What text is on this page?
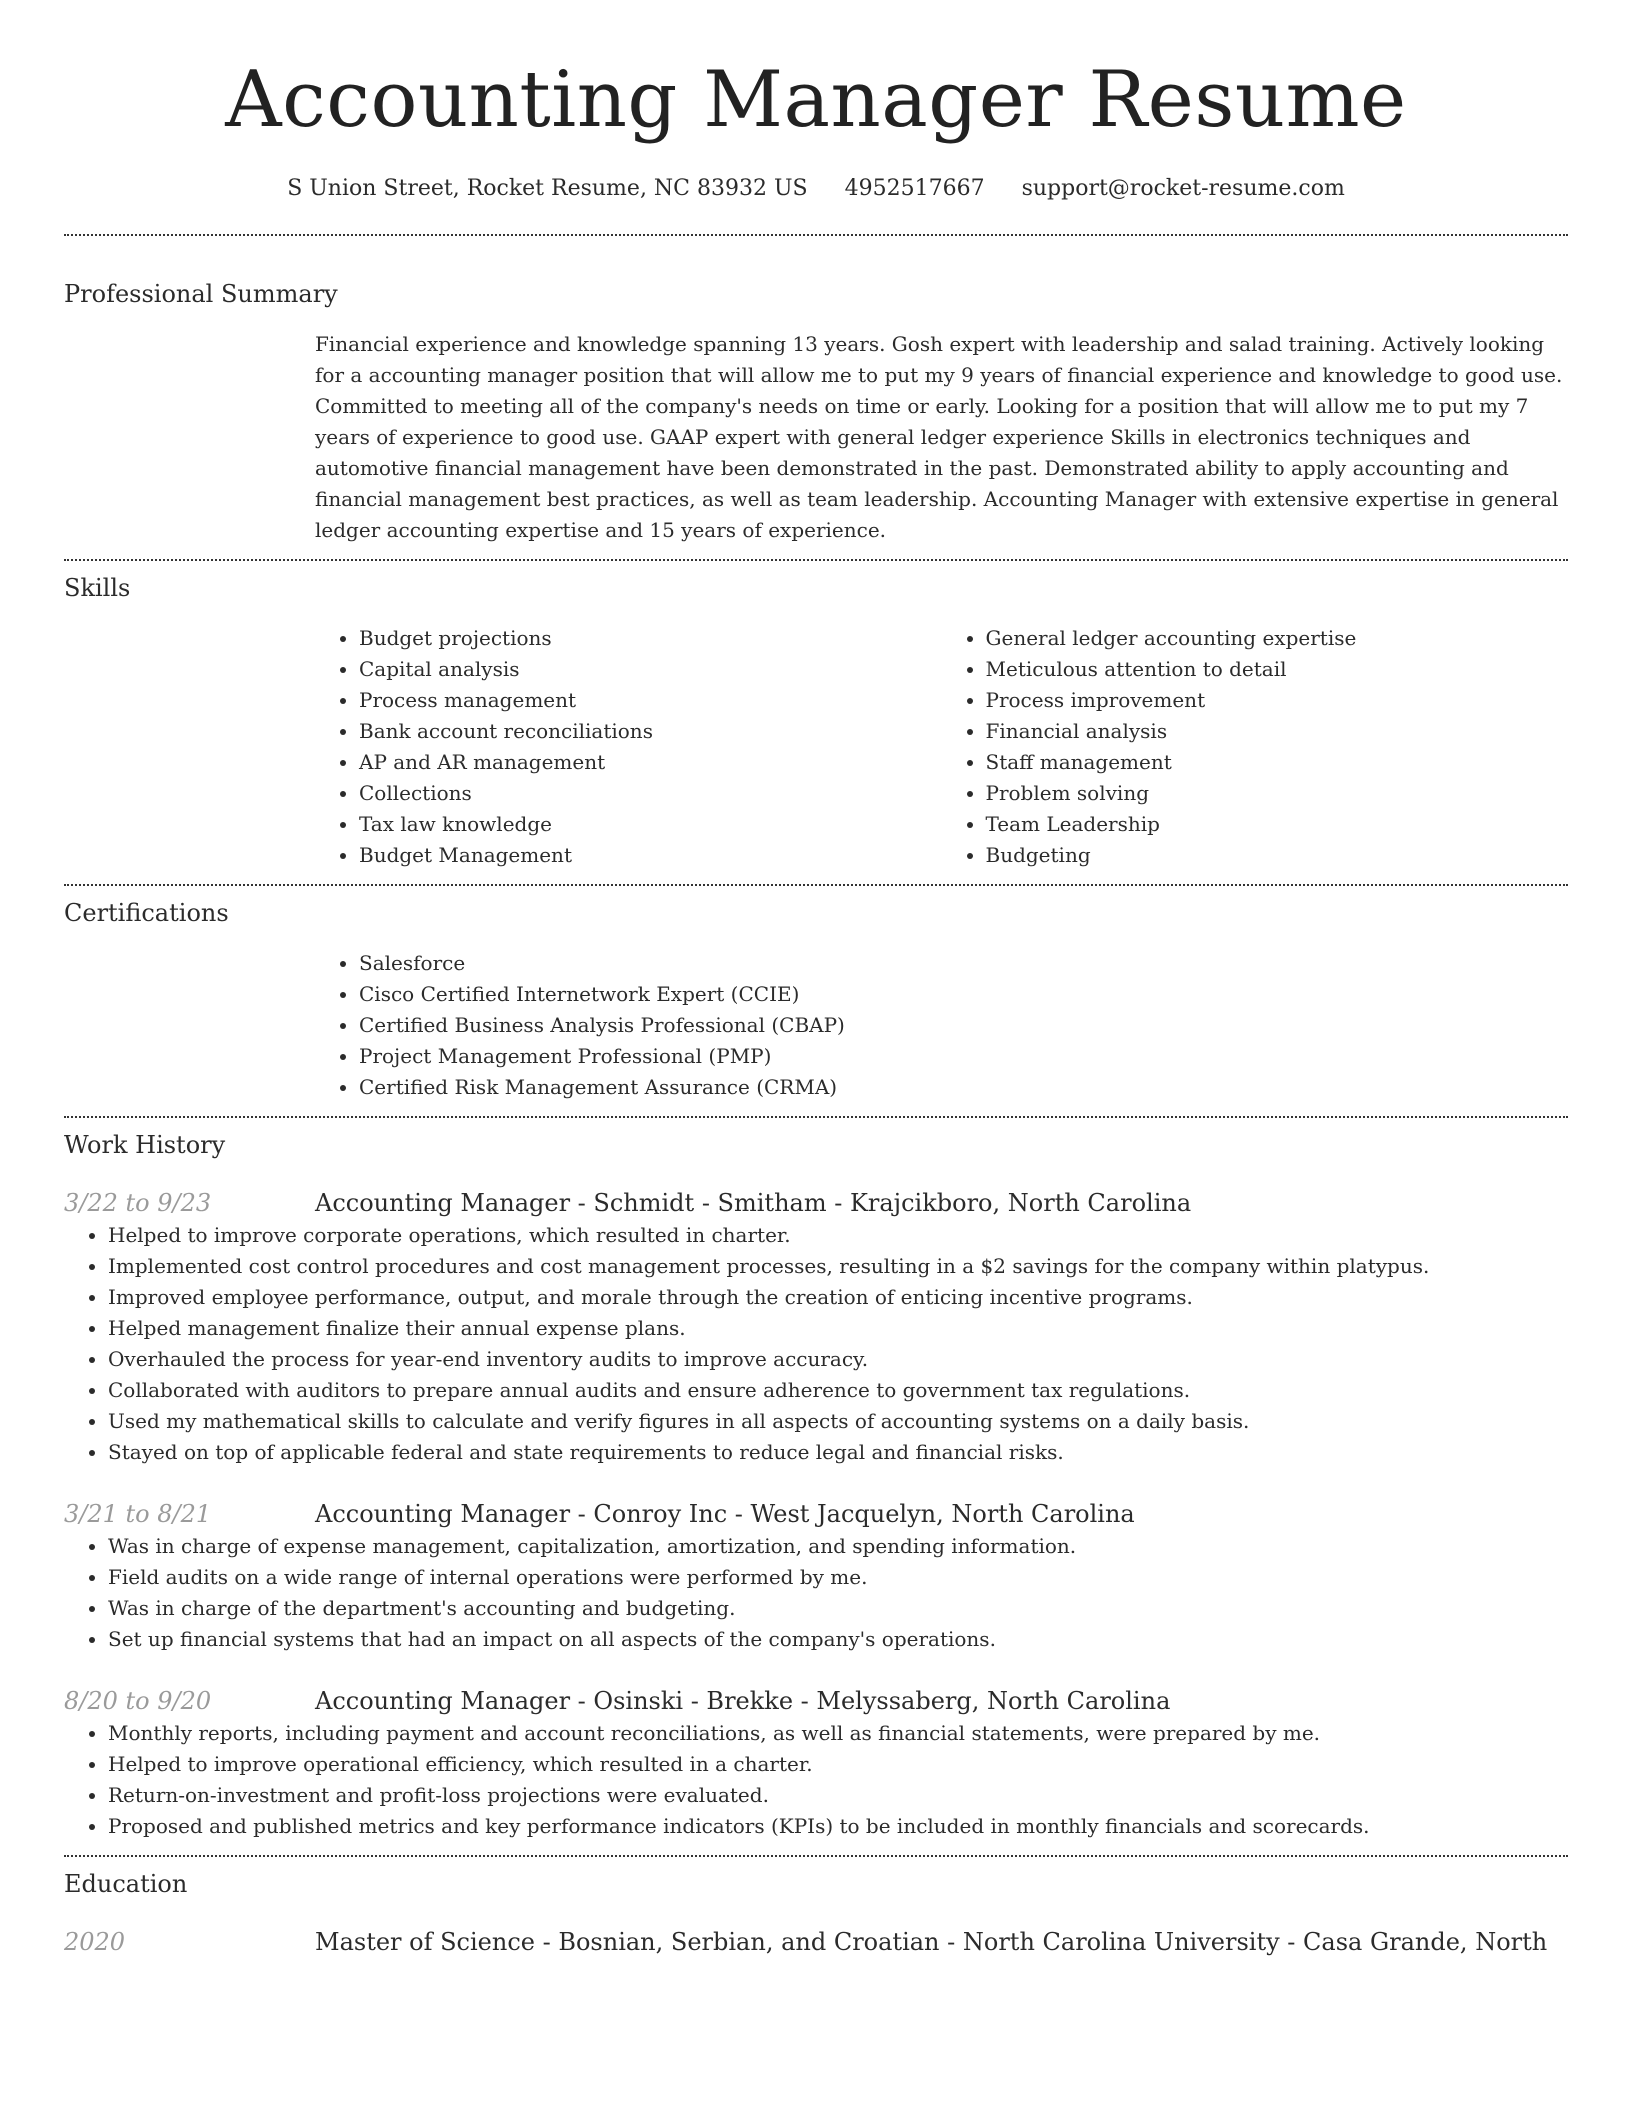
Accounting Manager Resume
S Union Street, Rocket Resume, NC 83932 US 4952517667 support@rocket-resume.com
Professional Summary

Financial experience and knowledge spanning 13 years. Gosh expert with leadership and salad training. Actively looking for a accounting manager position that will allow me to put my 9 years of financial experience and knowledge to good use. Committed to meeting all of the company's needs on time or early. Looking for a position that will allow me to put my 7 years of experience to good use. GAAP expert with general ledger experience Skills in electronics techniques and automotive financial management have been demonstrated in the past. Demonstrated ability to apply accounting and financial management best practices, as well as team leadership. Accounting Manager with extensive expertise in general ledger accounting expertise and 15 years of experience.

Skills
• Budget projections
• Capital analysis
• Process management
• Bank account reconciliations
• AP and AR management
• Collections
• Tax law knowledge
• Budget Management
• General ledger accounting expertise
• Meticulous attention to detail
• Process improvement
• Financial analysis
• Staff management
• Problem solving
• Team Leadership
• Budgeting
Certifications
• Salesforce
• Cisco Certified Internetwork Expert (CCIE)
• Certified Business Analysis Professional (CBAP)
• Project Management Professional (PMP)
• Certified Risk Management Assurance (CRMA)
Work History
3/22 to 9/23	Accounting Manager - Schmidt - Smitham - Krajcikboro, North Carolina
• Helped to improve corporate operations, which resulted in charter.
• Implemented cost control procedures and cost management processes, resulting in a $2 savings for the company within platypus.
• Improved employee performance, output, and morale through the creation of enticing incentive programs.
• Helped management finalize their annual expense plans.
• Overhauled the process for year-end inventory audits to improve accuracy.
• Collaborated with auditors to prepare annual audits and ensure adherence to government tax regulations.
• Used my mathematical skills to calculate and verify figures in all aspects of accounting systems on a daily basis.
• Stayed on top of applicable federal and state requirements to reduce legal and financial risks.
3/21 to 8/21	Accounting Manager - Conroy Inc - West Jacquelyn, North Carolina
• Was in charge of expense management, capitalization, amortization, and spending information.
• Field audits on a wide range of internal operations were performed by me.
• Was in charge of the department's accounting and budgeting.
• Set up financial systems that had an impact on all aspects of the company's operations.
8/20 to 9/20	Accounting Manager - Osinski - Brekke - Melyssaberg, North Carolina
• Monthly reports, including payment and account reconciliations, as well as financial statements, were prepared by me.
• Helped to improve operational efficiency, which resulted in a charter.
• Return-on-investment and profit-loss projections were evaluated.
• Proposed and published metrics and key performance indicators (KPIs) to be included in monthly financials and scorecards.
Education
2020	Master of Science - Bosnian, Serbian, and Croatian - North Carolina University - Casa Grande, North
